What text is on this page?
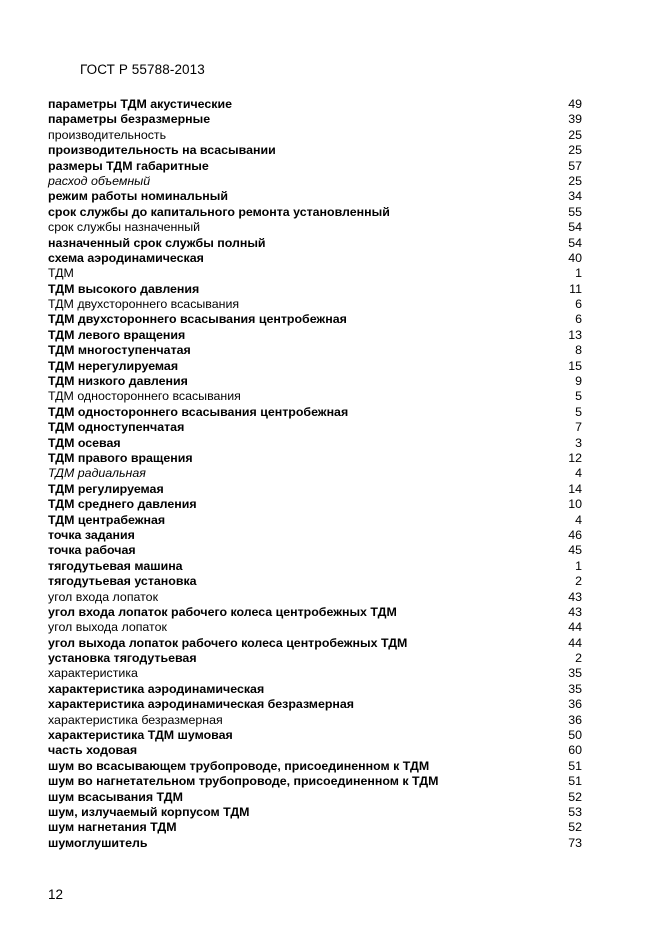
ГОСТ Р 55788-2013
параметры ТДМ акустические	49
параметры безразмерные	39
производительность	25
производительность на всасывании	25
размеры ТДМ габаритные	57
расход объемный	25
режим работы номинальный	34
срок службы до капитального ремонта установленный	55
срок службы назначенный	54
назначенный срок службы полный	54
схема аэродинамическая	40
ТДМ	1
ТДМ высокого давления	11
ТДМ двухстороннего всасывания	6
ТДМ двухстороннего всасывания центробежная	6
ТДМ левого вращения	13
ТДМ многоступенчатая	8
ТДМ нерегулируемая	15
ТДМ низкого давления	9
ТДМ одностороннего всасывания	5
ТДМ одностороннего всасывания центробежная	5
ТДМ одноступенчатая	7
ТДМ осевая	3
ТДМ правого вращения	12
ТДМ радиальная	4
ТДМ регулируемая	14
ТДМ среднего давления	10
ТДМ центрабежная	4
точка задания	46
точка рабочая	45
тягодутьевая машина	1
тягодутьевая установка	2
угол входа лопаток	43
угол входа лопаток рабочего колеса центробежных ТДМ	43
угол выхода лопаток	44
угол выхода лопаток рабочего колеса центробежных ТДМ	44
установка тягодутьевая	2
характеристика	35
характеристика аэродинамическая	35
характеристика аэродинамическая безразмерная	36
характеристика безразмерная	36
характеристика ТДМ шумовая	50
часть ходовая	60
шум во всасывающем трубопроводе, присоединенном к ТДМ	51
шум во нагнетательном трубопроводе, присоединенном к ТДМ	51
шум всасывания ТДМ	52
шум, излучаемый корпусом ТДМ	53
шум нагнетания ТДМ	52
шумоглушитель	73
12
